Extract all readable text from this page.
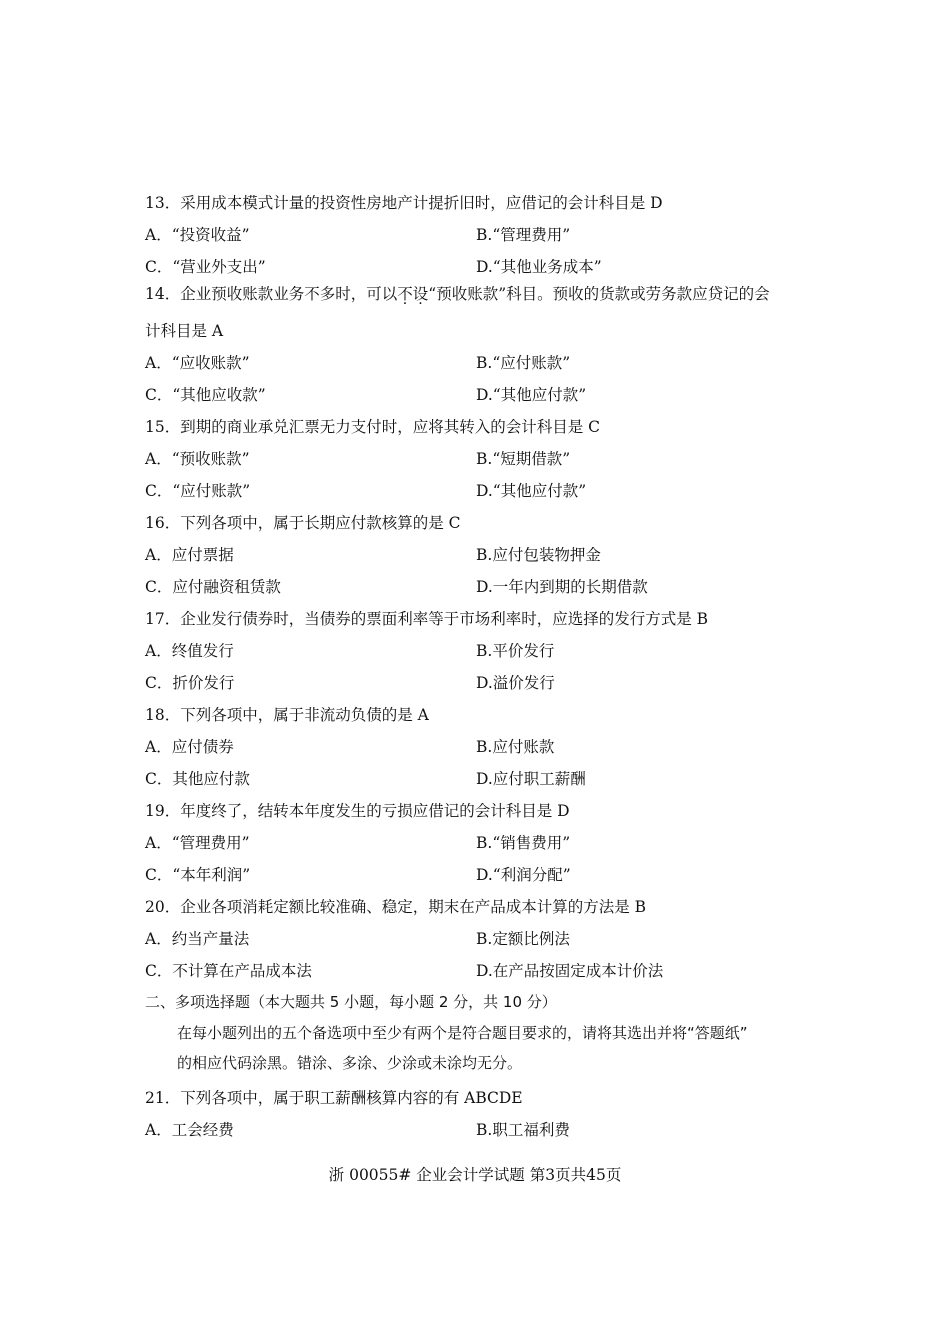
13．采用成本模式计量的投资性房地产计提折旧时，应借记的会计科目是 D
A．“投资收益”	B.“管理费用”
C．“营业外支出”	D.“其他业务成本”
14．企业预收账款业务不多时，可以不设“预收账款”科目。预收的货款或劳务款应贷记的会
计科目是 A
A．“应收账款”	B.“应付账款”
C．“其他应收款”	D.“其他应付款”
15．到期的商业承兑汇票无力支付时，应将其转入的会计科目是 C
A．“预收账款”	B.“短期借款”
C．“应付账款”	D.“其他应付款”
16．下列各项中，属于长期应付款核算的是 C
A．应付票据	B.应付包装物押金
C．应付融资租赁款	D.一年内到期的长期借款
17．企业发行债券时，当债券的票面利率等于市场利率时，应选择的发行方式是 B
A．终值发行	B.平价发行
C．折价发行	D.溢价发行
18．下列各项中，属于非流动负债的是 A
A．应付债券	B.应付账款
C．其他应付款	D.应付职工薪酬
19．年度终了，结转本年度发生的亏损应借记的会计科目是 D
A．“管理费用”	B.“销售费用”
C．“本年利润”	D.“利润分配”
20．企业各项消耗定额比较准确、稳定，期末在产品成本计算的方法是 B
A．约当产量法	B.定额比例法
C．不计算在产品成本法	D.在产品按固定成本计价法
二、多项选择题（本大题共 5 小题，每小题 2 分，共 10 分）
在每小题列出的五个备选项中至少有两个是符合题目要求的，请将其选出并将“答题纸”
的相应代码涂黑。错涂、多涂、少涂或未涂均无分。
21．下列各项中，属于职工薪酬核算内容的有 ABCDE
A．工会经费	B.职工福利费
浙 00055# 企业会计学试题 第3页共45页
